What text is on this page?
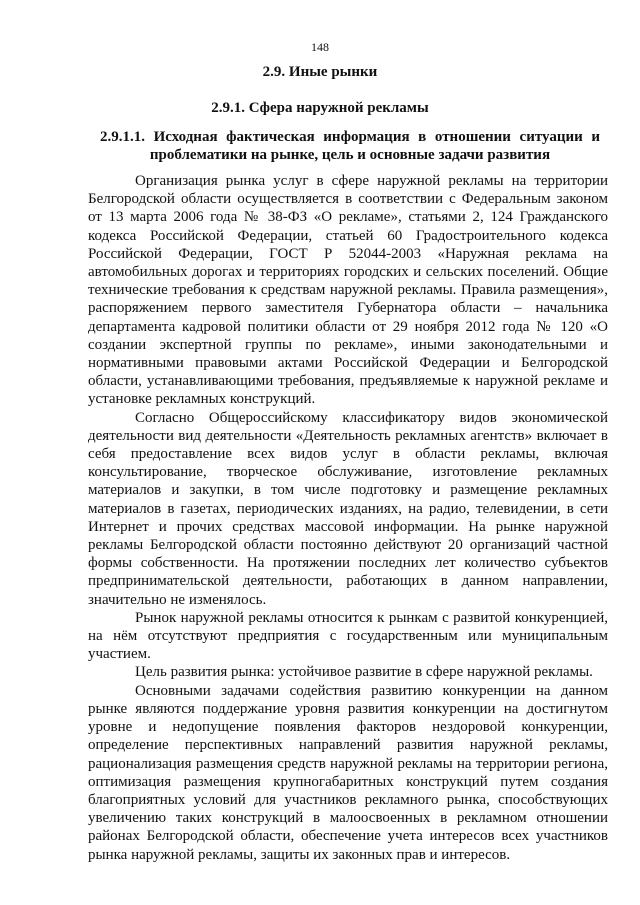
148
2.9. Иные рынки
2.9.1. Сфера наружной рекламы
2.9.1.1. Исходная фактическая информация в отношении ситуации и проблематики на рынке, цель и основные задачи развития

Организация рынка услуг в сфере наружной рекламы на территории Белгородской области осуществляется в соответствии с Федеральным законом от 13 марта 2006 года № 38-ФЗ «О рекламе», статьями 2, 124 Гражданского кодекса Российской Федерации, статьей 60 Градостроительного кодекса Российской Федерации, ГОСТ Р 52044-2003 «Наружная реклама на автомобильных дорогах и территориях городских и сельских поселений. Общие технические требования к средствам наружной рекламы. Правила размещения», распоряжением первого заместителя Губернатора области – начальника департамента кадровой политики области от 29 ноября 2012 года № 120 «О создании экспертной группы по рекламе», иными законодательными и нормативными правовыми актами Российской Федерации и Белгородской области, устанавливающими требования, предъявляемые к наружной рекламе и установке рекламных конструкций.

Согласно Общероссийскому классификатору видов экономической деятельности вид деятельности «Деятельность рекламных агентств» включает в себя предоставление всех видов услуг в области рекламы, включая консультирование, творческое обслуживание, изготовление рекламных материалов и закупки, в том числе подготовку и размещение рекламных материалов в газетах, периодических изданиях, на радио, телевидении, в сети Интернет и прочих средствах массовой информации. На рынке наружной рекламы Белгородской области постоянно действуют 20 организаций частной формы собственности. На протяжении последних лет количество субъектов предпринимательской деятельности, работающих в данном направлении, значительно не изменялось.

Рынок наружной рекламы относится к рынкам с развитой конкуренцией, на нём отсутствуют предприятия с государственным или муниципальным участием.

Цель развития рынка: устойчивое развитие в сфере наружной рекламы.

Основными задачами содействия развитию конкуренции на данном рынке являются поддержание уровня развития конкуренции на достигнутом уровне и недопущение появления факторов нездоровой конкуренции, определение перспективных направлений развития наружной рекламы, рационализация размещения средств наружной рекламы на территории региона, оптимизация размещения крупногабаритных конструкций путем создания благоприятных условий для участников рекламного рынка, способствующих увеличению таких конструкций в малоосвоенных в рекламном отношении районах Белгородской области, обеспечение учета интересов всех участников рынка наружной рекламы, защиты их законных прав и интересов.
